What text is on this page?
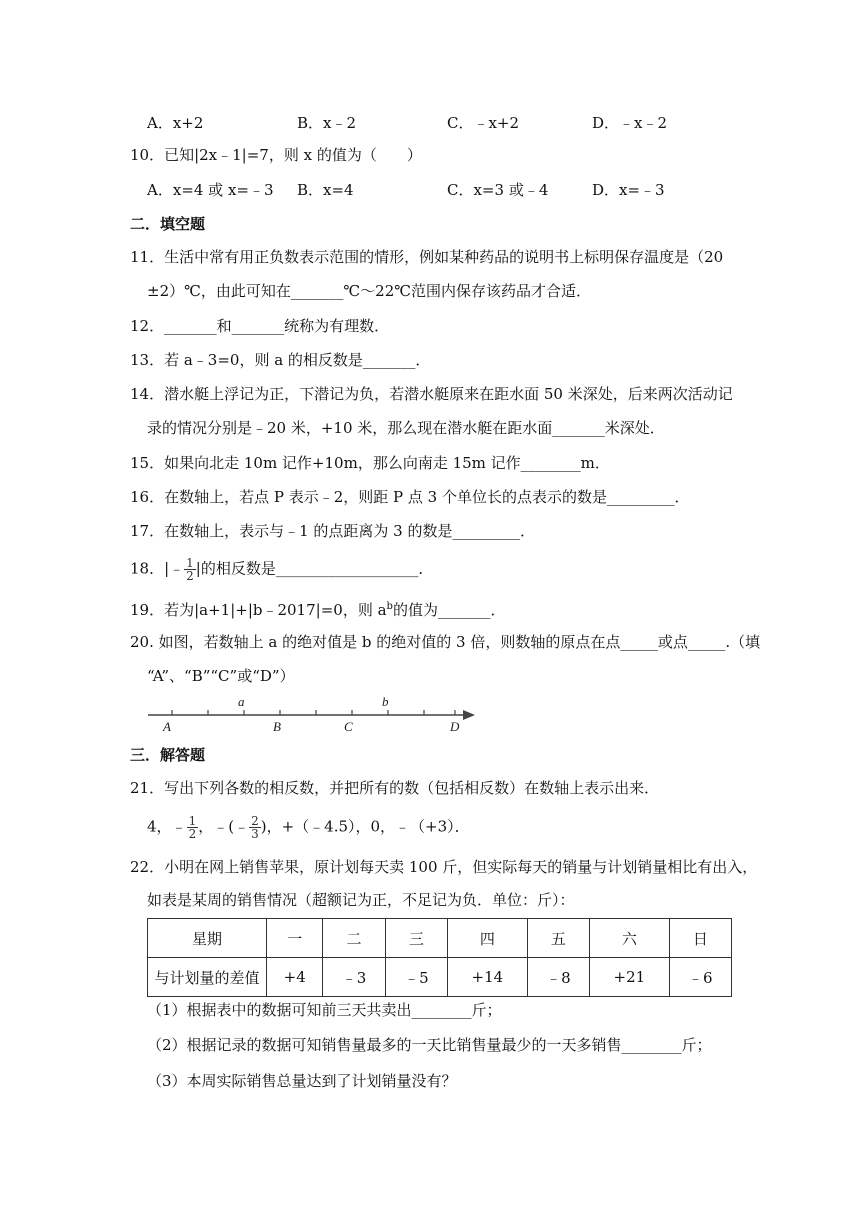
A．x+2	B．x﹣2	C．﹣x+2	D．﹣x﹣2
10．已知|2x﹣1|=7，则 x 的值为（　　）
A．x=4 或 x=﹣3 B．x=4	C．x=3 或﹣4	D．x=﹣3
二．填空题
11．生活中常有用正负数表示范围的情形，例如某种药品的说明书上标明保存温度是（20
±2）℃，由此可知在_______℃～22℃范围内保存该药品才合适．
12．_______和_______统称为有理数．
13．若 a﹣3=0，则 a 的相反数是_______．
14．潜水艇上浮记为正，下潜记为负，若潜水艇原来在距水面 50 米深处，后来两次活动记
录的情况分别是﹣20 米，+10 米，那么现在潜水艇在距水面_______米深处．
15．如果向北走 10m 记作+10m，那么向南走 15m 记作________m．
16．在数轴上，若点 P 表示﹣2，则距 P 点 3 个单位长的点表示的数是_________．
17．在数轴上，表示与﹣1 的点距离为 3 的数是_________．
18．|﹣ $\frac{1}{2}$ |的相反数是___________________．
19．若为|a+1|+|b﹣2017|=0，则 $a^b$的值为_______．
20. 如图，若数轴上 a 的绝对值是 b 的绝对值的 3 倍，则数轴的原点在点_____或点_____.（填
“A”、“B”“C”或“D”）
a	b
A	B	C	D
三．解答题
21．写出下列各数的相反数，并把所有的数（包括相反数）在数轴上表示出来．
4，﹣ $\frac{1}{2}$ ，﹣(﹣ $\frac{2}{3}$ )，+（﹣4.5），0，﹣（+3）．
22．小明在网上销售苹果，原计划每天卖 100 斤，但实际每天的销量与计划销量相比有出入，
如表是某周的销售情况（超额记为正，不足记为负．单位：斤）：
星期	一	二	三	四	五	六	日
与计划量的差值	+4	﹣3	﹣5	+14	﹣8	+21	﹣6
（1）根据表中的数据可知前三天共卖出________斤；
（2）根据记录的数据可知销售量最多的一天比销售量最少的一天多销售________斤；
（3）本周实际销售总量达到了计划销量没有？
